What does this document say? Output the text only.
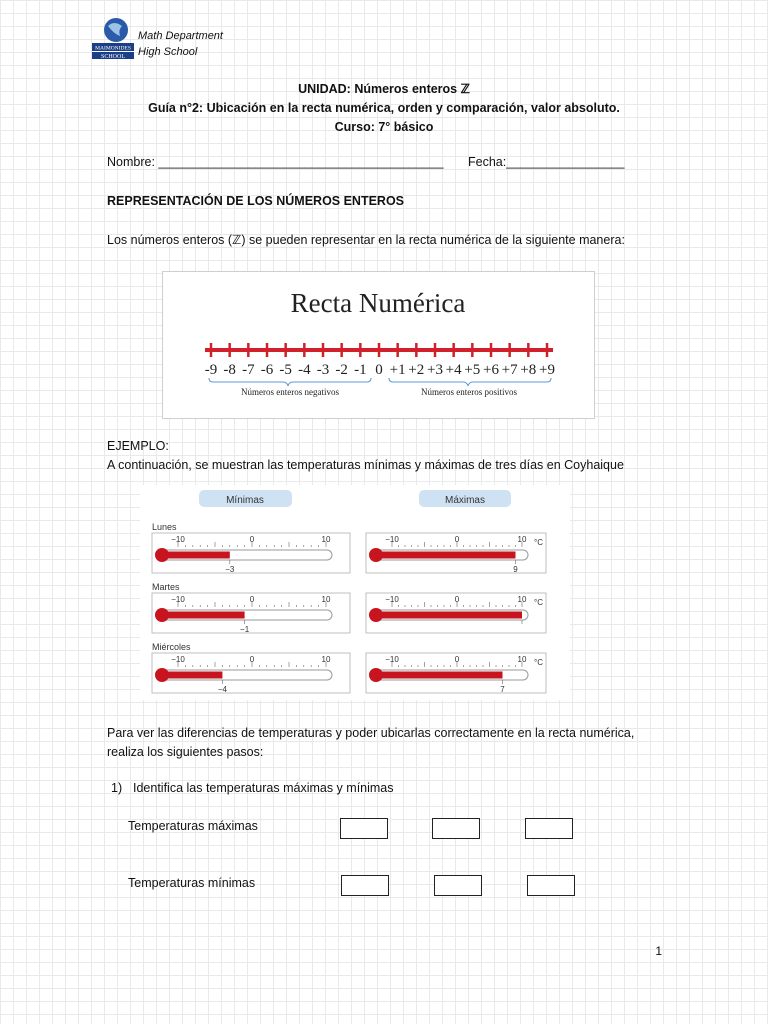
MAIMONIDES
SCHOOL
Math Department
High School
UNIDAD: Números enteros ℤ
Guía n°2: Ubicación en la recta numérica, orden y comparación, valor absoluto.
Curso: 7° básico
Nombre: _________________________________________ Fecha:_________________
REPRESENTACIÓN DE LOS NÚMEROS ENTEROS
Los números enteros (ℤ) se pueden representar en la recta numérica de la siguiente manera:
Recta Numérica
-9 -8 -7 -6 -5 -4 -3 -2 -1 0 +1 +2 +3 +4 +5 +6 +7 +8 +9
Números enteros negativos	Números enteros positivos
EJEMPLO:
A continuación, se muestran las temperaturas mínimas y máximas de tres días en Coyhaique
Mínimas	Máximas
Lunes
−10	0	10
−3
−10	0	10 °C
9
Martes
−10	0	10
−1
−10	0	10 °C
Miércoles
−10	0	10
−4
−10	0	10 °C
7
Para ver las diferencias de temperaturas y poder ubicarlas correctamente en la recta numérica, realiza los siguientes pasos:
1) Identifica las temperaturas máximas y mínimas
Temperaturas máximas
Temperaturas mínimas
1
